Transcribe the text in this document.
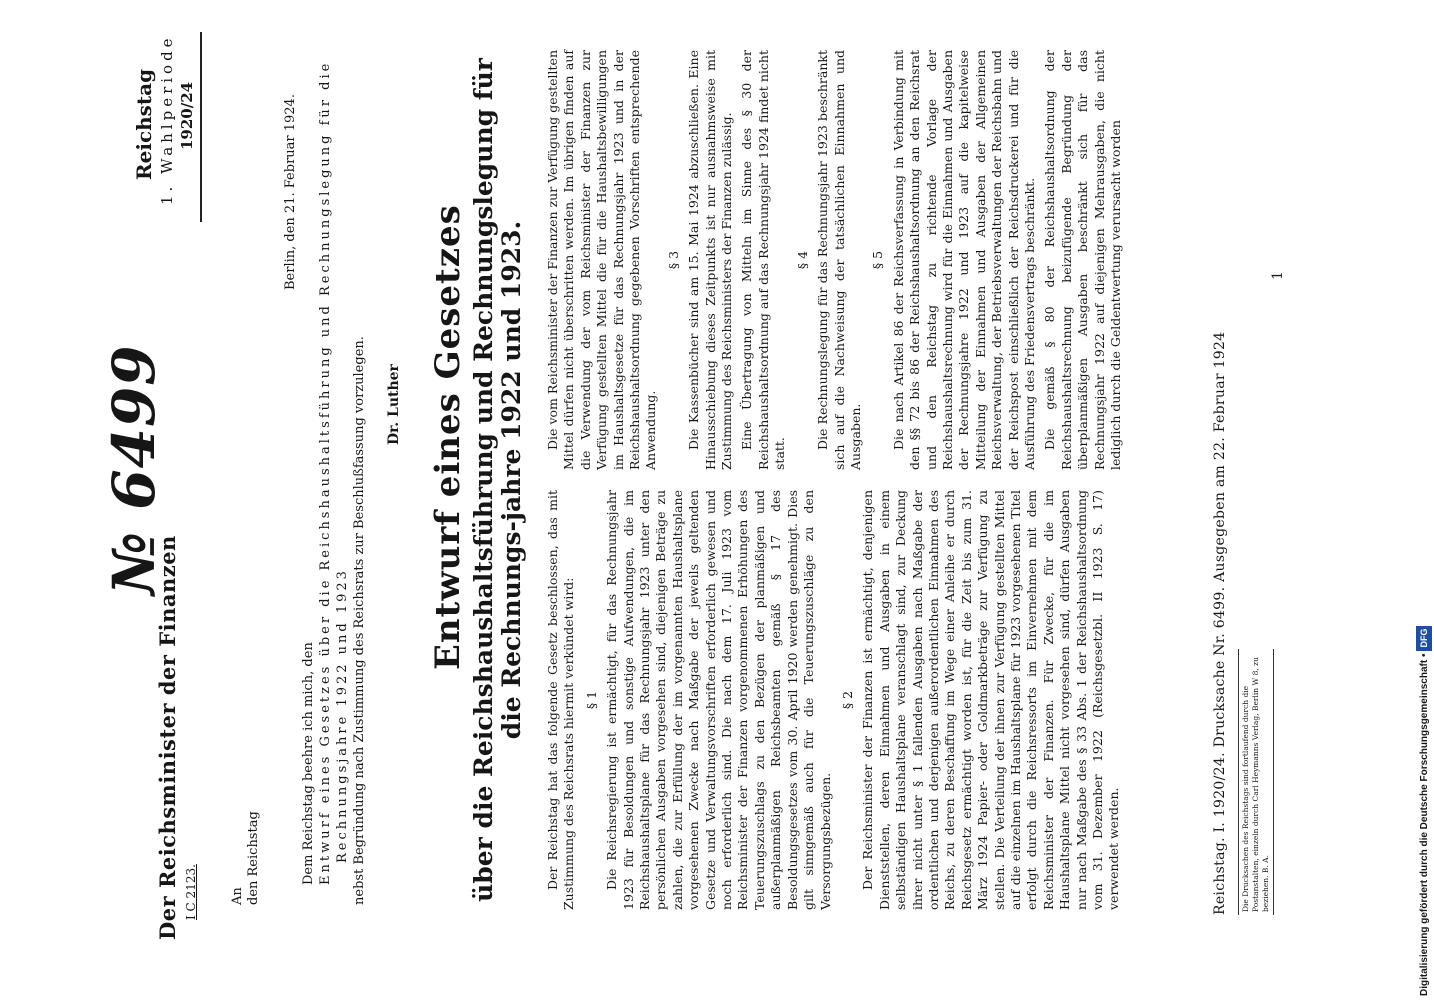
Der Reichsminister der Finanzen I C 2123.
№ 6499
Reichstag 1. Wahlperiode 1920/24
An den Reichstag
Berlin, den 21. Februar 1924.
Dem Reichstag beehre ich mich, den Entwurf eines Gesetzes über die Reichshaushaltsführung und Rechnungslegung für die Rechnungsjahre 1922 und 1923 nebst Begründung nach Zustimmung des Reichsrats zur Beschlußfassung vorzulegen. Dr. Luther Entwurf eines Gesetzes über die Reichshaushaltsführung und Rechnungslegung für die Rechnungs-jahre 1922 und 1923. Der Reichstag hat das folgende Gesetz beschlossen, das mit Zustimmung des Reichsrats hiermit verkündet wird: § 1 Die Reichsregierung ist ermächtigt, für das Rechnungsjahr 1923 für Besoldungen und sonstige Aufwendungen, die im Reichshaushaltsplane für das Rechnungsjahr 1923 unter den persönlichen Ausgaben vorgesehen sind, diejenigen Beträge zu zahlen, die zur Erfüllung der im vorgenannten Haushaltsplane vorgesehenen Zwecke nach Maßgabe der jeweils geltenden Gesetze und Verwaltungsvorschriften erforderlich gewesen und noch erforderlich sind. Die nach dem 17. Juli 1923 vom Reichsminister der Finanzen vorgenommenen Erhöhungen des Teuerungszuschlags zu den Bezügen der planmäßigen und außerplanmäßigen Reichsbeamten gemäß § 17 des Besoldungsgesetzes vom 30. April 1920 werden genehmigt. Dies gilt sinngemäß auch für die Teuerungszuschläge zu den Versorgungsbezügen.

§ 2 Der Reichsminister der Finanzen ist ermächtigt, denjenigen Dienststellen, deren Einnahmen und Ausgaben in einem selbständigen Haushaltsplane veranschlagt sind, zur Deckung ihrer nicht unter § 1 fallenden Ausgaben nach Maßgabe der ordentlichen und derjenigen außerordentlichen Einnahmen des Reichs, zu deren Beschaffung im Wege einer Anleihe er durch Reichsgesetz ermächtigt worden ist, für die Zeit bis zum 31. März 1924 Papier- oder Goldmarkbeträge zur Verfügung zu stellen. Die Verteilung der ihnen zur Verfügung gestellten Mittel auf die einzelnen im Haushaltsplane für 1923 vorgesehenen Titel erfolgt durch die Reichsressorts im Einvernehmen mit dem Reichsminister der Finanzen. Für Zwecke, für die im Haushaltsplane Mittel nicht vorgesehen sind, dürfen Ausgaben nur nach Maßgabe des § 33 Abs. 1 der Reichshaushaltsordnung vom 31. Dezember 1922 (Reichsgesetzbl. II 1923 S. 17) verwendet werden.

Die vom Reichsminister der Finanzen zur Verfügung gestellten Mittel dürfen nicht überschritten werden. Im übrigen finden auf die Verwendung der vom Reichsminister der Finanzen zur Verfügung gestellten Mittel die für die Haushaltsbewilligungen im Haushaltsgesetze für das Rechnungsjahr 1923 und in der Reichshaushaltsordnung gegebenen Vorschriften entsprechende Anwendung.

§ 3 Die Kassenbücher sind am 15. Mai 1924 abzuschließen. Eine Hinausschiebung dieses Zeitpunkts ist nur ausnahmsweise mit Zustimmung des Reichsministers der Finanzen zulässig. Eine Übertragung von Mitteln im Sinne des § 30 der Reichshaushaltsordnung auf das Rechnungsjahr 1924 findet nicht statt.

§ 4 Die Rechnungslegung für das Rechnungsjahr 1923 beschränkt sich auf die Nachweisung der tatsächlichen Einnahmen und Ausgaben.

§ 5 Die nach Artikel 86 der Reichsverfassung in Verbindung mit den §§ 72 bis 86 der Reichshaushaltsordnung an den Reichsrat und den Reichstag zu richtende Vorlage der Reichshaushaltsrechnung wird für die Einnahmen und Ausgaben der Rechnungsjahre 1922 und 1923 auf die kapitelweise Mitteilung der Einnahmen und Ausgaben der Allgemeinen Reichsverwaltung, der Betriebsverwaltungen der Reichsbahn und der Reichspost einschließlich der Reichsdruckerei und für die Ausführung des Friedensvertrags beschränkt. Die gemäß § 80 der Reichshaushaltsordnung der Reichshaushaltsrechnung beizufügende Begründung der überplanmäßigen Ausgaben beschränkt sich für das Rechnungsjahr 1922 auf diejenigen Mehrausgaben, die nicht lediglich durch die Geldentwertung verursacht worden

Reichstag. I. 1920/24. Drucksache Nr. 6499. Ausgegeben am 22. Februar 1924	Die Drucksachen des Reichstags sind fortlaufend durch die Postanstalten, einzeln durch Carl Heymanns Verlag, Berlin W 8, zu beziehen. B. A.
1
Digitalisierung gefördert durch die Deutsche Forschungsgemeinschaft •DFG
